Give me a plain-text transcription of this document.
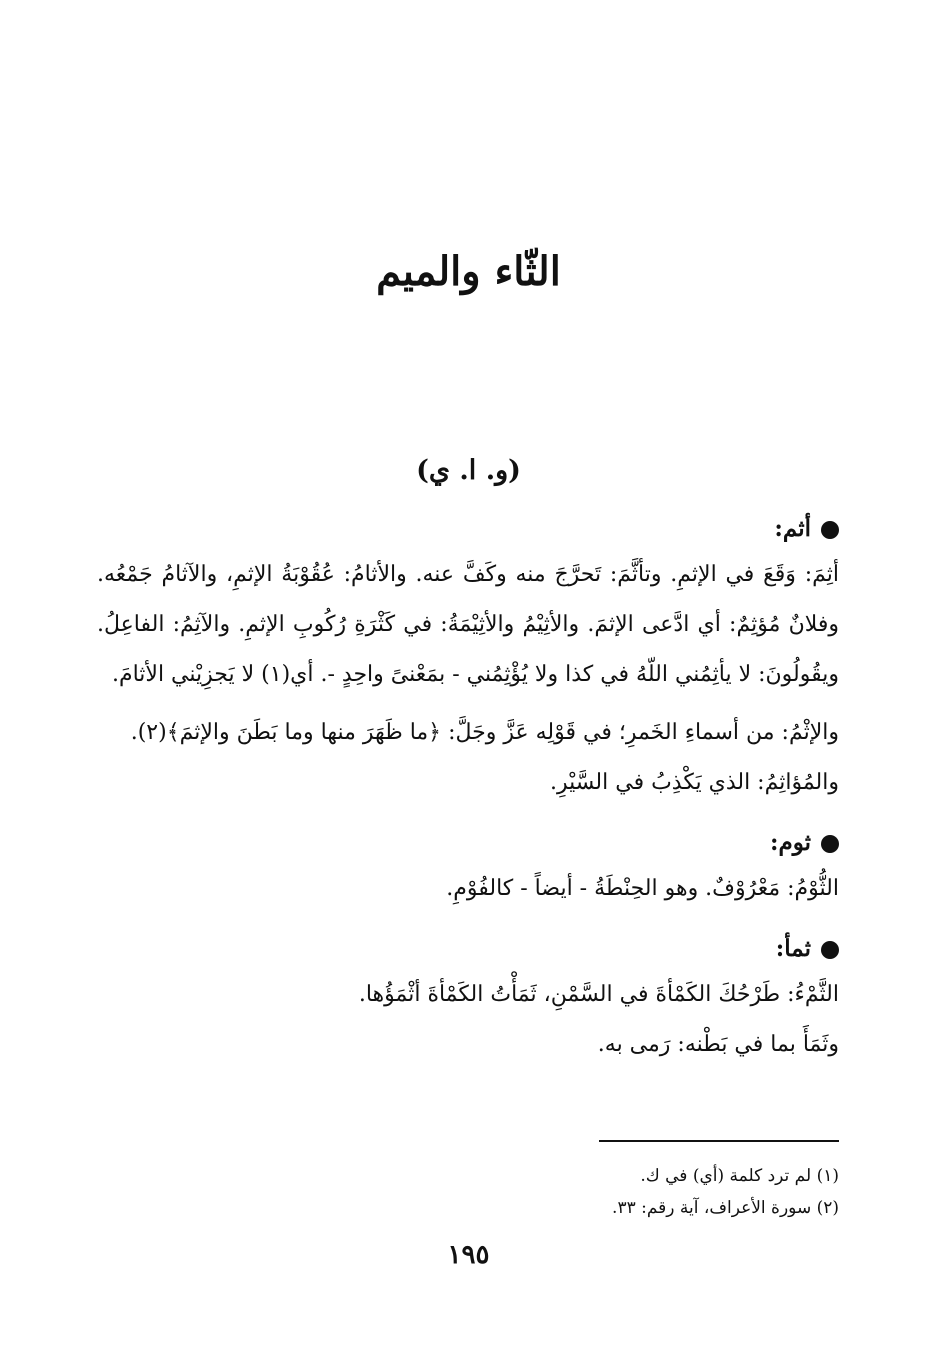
الثّاء والميم
(و. ا. ي)
أثم:

أثِمَ: وَقَعَ في الإثمِ. وتأثَّمَ: تَحرَّجَ منه وكَفَّ عنه. والأثامُ: عُقُوْبَةُ الإثمِ، والآثامُ جَمْعُه. وفلانٌ مُؤثِمٌ: أي ادَّعى الإثمَ. والأثِيْمُ والأثِيْمَةُ: في كَثْرَةِ رُكُوبِ الإثمِ. والآثِمُ: الفاعِلُ. ويقُولُونَ: لا يأثِمُني اللّهُ في كذا ولا يُؤْثِمُني - بمَعْنىً واحِدٍ -. أي(١) لا يَجزِيْني الأثامَ.

والإثْمُ: من أسماءِ الخَمرِ؛ في قَوْلِه عَزَّ وجَلَّ: ﴿ما ظَهَرَ منها وما بَطَنَ والإثمَ﴾(٢).

والمُؤاثِمُ: الذي يَكْذِبُ في السَّيْرِ.

ثوم:

الثُّوْمُ: مَعْرُوْفٌ. وهو الحِنْطَةُ - أيضاً - كالفُوْمِ.

ثمأ:

الثَّمْءُ: طَرْحُكَ الكَمْأةَ في السَّمْنِ، ثَمَأْتُ الكَمْأةَ أثْمَؤُها.

وثَمَأَ بما في بَطْنه: رَمى به.

(١) لم ترد كلمة (أي) في ك.
(٢) سورة الأعراف، آية رقم: ٣٣.
١٩٥
